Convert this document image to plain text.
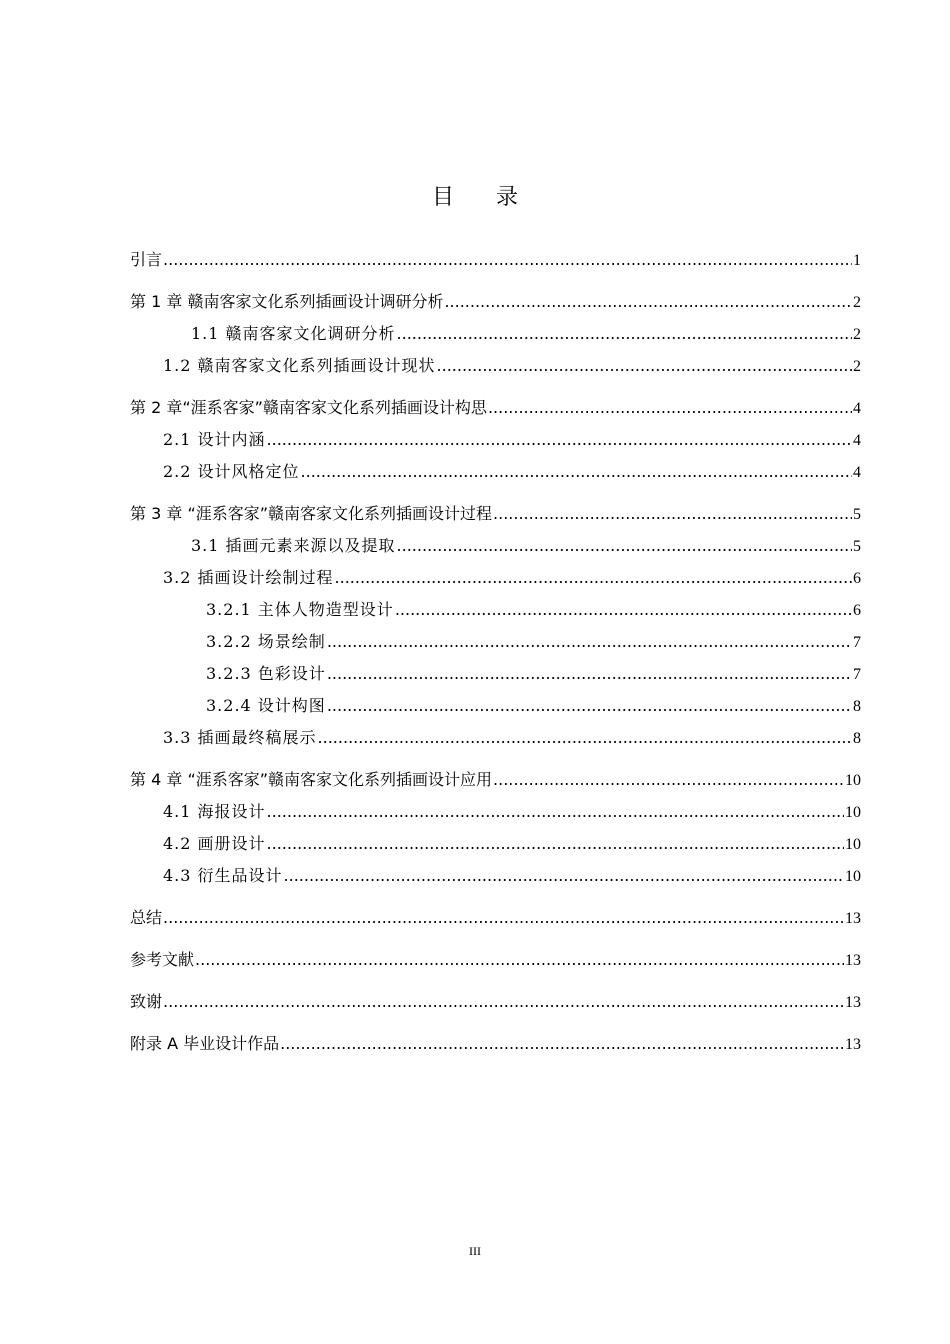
目 录
引言 .....	1
第 1 章 赣南客家文化系列插画设计调研分析 .....	2
1.1 赣南客家文化调研分析 .....	2
1.2 赣南客家文化系列插画设计现状 .....	2
第 2 章“涯系客家”赣南客家文化系列插画设计构思 .....	4
2.1 设计内涵 .....	4
2.2 设计风格定位 .....	4
第 3 章 “涯系客家”赣南客家文化系列插画设计过程 .....	5
3.1 插画元素来源以及提取 .....	5
3.2 插画设计绘制过程 .....	6
3.2.1 主体人物造型设计 .....	6
3.2.2 场景绘制 .....	7
3.2.3 色彩设计 .....	7
3.2.4 设计构图 .....	8
3.3 插画最终稿展示 .....	8
第 4 章 “涯系客家”赣南客家文化系列插画设计应用 .....	10
4.1 海报设计 .....	10
4.2 画册设计 .....	10
4.3 衍生品设计 .....	10
总结 .....	13
参考文献 .....	13
致谢 .....	13
附录 A 毕业设计作品 .....	13
III
